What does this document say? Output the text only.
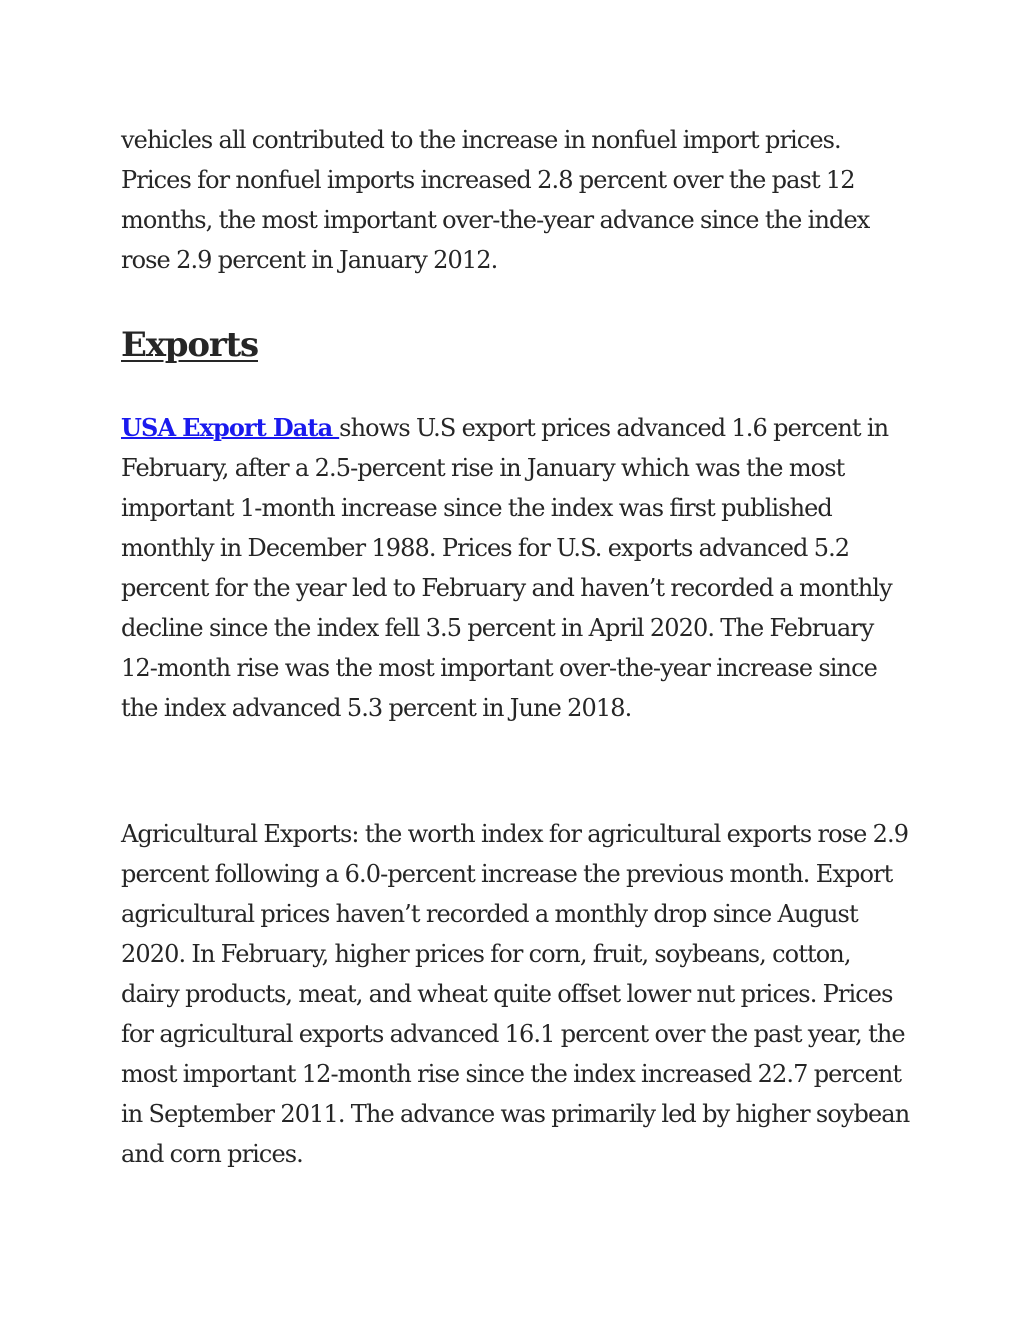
vehicles all contributed to the increase in nonfuel import prices. Prices for nonfuel imports increased 2.8 percent over the past 12 months, the most important over-the-year advance since the index rose 2.9 percent in January 2012.

Exports

USA Export Data shows U.S export prices advanced 1.6 percent in February, after a 2.5-percent rise in January which was the most important 1-month increase since the index was first published monthly in December 1988. Prices for U.S. exports advanced 5.2 percent for the year led to February and haven’t recorded a monthly decline since the index fell 3.5 percent in April 2020. The February 12-month rise was the most important over-the-year increase since the index advanced 5.3 percent in June 2018.

Agricultural Exports: the worth index for agricultural exports rose 2.9 percent following a 6.0-percent increase the previous month. Export agricultural prices haven’t recorded a monthly drop since August 2020. In February, higher prices for corn, fruit, soybeans, cotton, dairy products, meat, and wheat quite offset lower nut prices. Prices for agricultural exports advanced 16.1 percent over the past year, the most important 12-month rise since the index increased 22.7 percent in September 2011. The advance was primarily led by higher soybean and corn prices.
